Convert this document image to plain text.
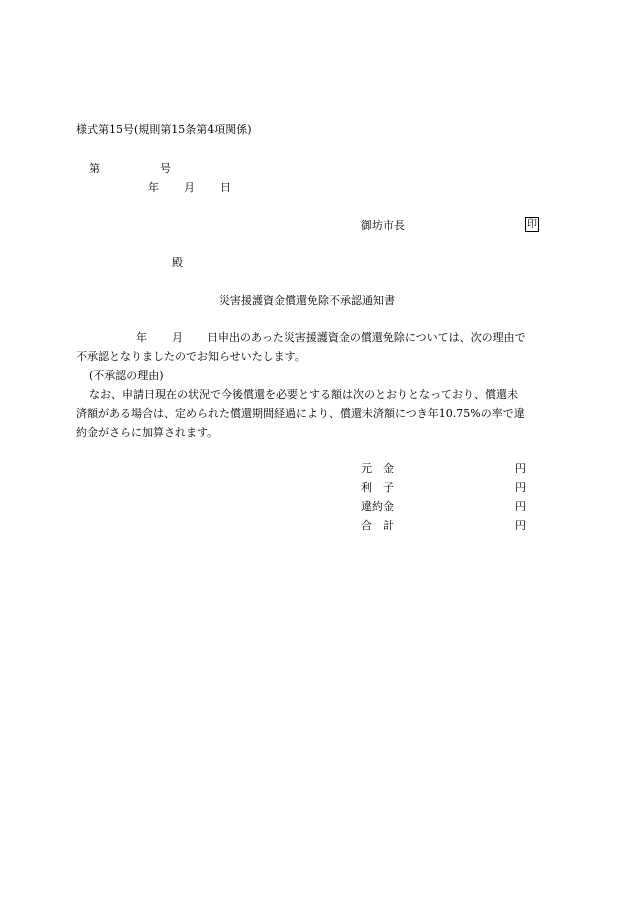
様式第15号(規則第15条第4項関係)
第	号
年 月 日
御坊市長	印
殿
災害援護資金償還免除不承認通知書
年 月 日申出のあった災害援護資金の償還免除については、次の理由で
不承認となりましたのでお知らせいたします。
(不承認の理由)
なお、申請日現在の状況で今後償還を必要とする額は次のとおりとなっており、償還未
済額がある場合は、定められた償還期間経過により、償還未済額につき年10.75%の率で違
約金がさらに加算されます。
元　金	円
利　子	円
違約金	円
合　計	円
